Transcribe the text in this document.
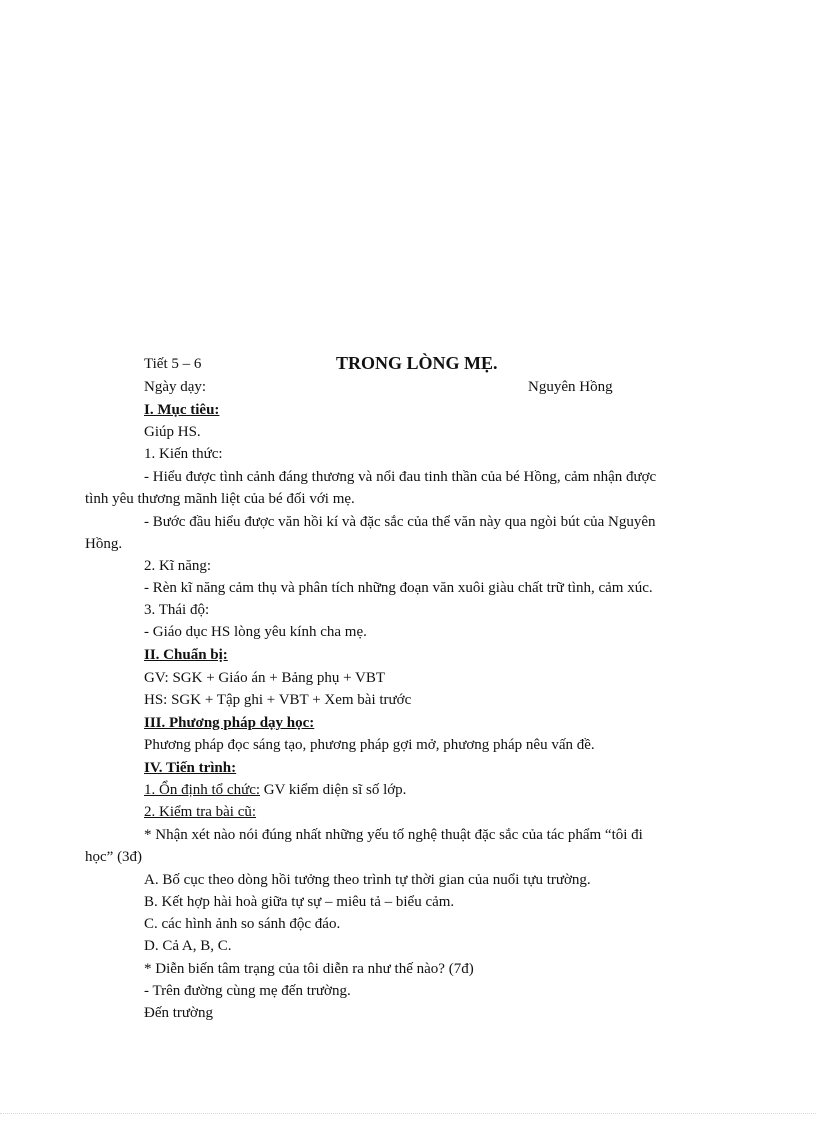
Tiết 5 – 6	TRONG LÒNG MẸ.
Ngày dạy:	Nguyên Hồng
I. Mục tiêu:
Giúp HS.
1. Kiến thức:
- Hiểu được tình cảnh đáng thương và nổi đau tinh thần của bé Hồng, cảm nhận được
tình yêu thương mãnh liệt của bé đối với mẹ.
- Bước đầu hiểu được văn hồi kí và đặc sắc của thể văn này qua ngòi bút của Nguyên
Hồng.
2. Kĩ năng:
- Rèn kĩ năng cảm thụ và phân tích những đoạn văn xuôi giàu chất trữ tình, cảm xúc.
3. Thái độ:
- Giáo dục HS lòng yêu kính cha mẹ.
II. Chuẩn bị:
GV: SGK + Giáo án + Bảng phụ + VBT
HS: SGK + Tập ghi + VBT + Xem bài trước
III. Phương pháp dạy học:
Phương pháp đọc sáng tạo, phương pháp gợi mở, phương pháp nêu vấn đề.
IV. Tiến trình:
1. Ổn định tổ chức: GV kiểm diện sĩ số lớp.
2. Kiểm tra bài cũ:
* Nhận xét nào nói đúng nhất những yếu tố nghệ thuật đặc sắc của tác phẩm “tôi đi
học” (3đ)
A. Bố cục theo dòng hồi tưởng theo trình tự thời gian của nuổi tựu trường.
B. Kết hợp hài hoà giữa tự sự – miêu tả – biểu cảm.
C. các hình ảnh so sánh độc đáo.
D. Cả A, B, C.
* Diễn biến tâm trạng của tôi diễn ra như thế nào? (7đ)
- Trên đường cùng mẹ đến trường.
Đến trường
